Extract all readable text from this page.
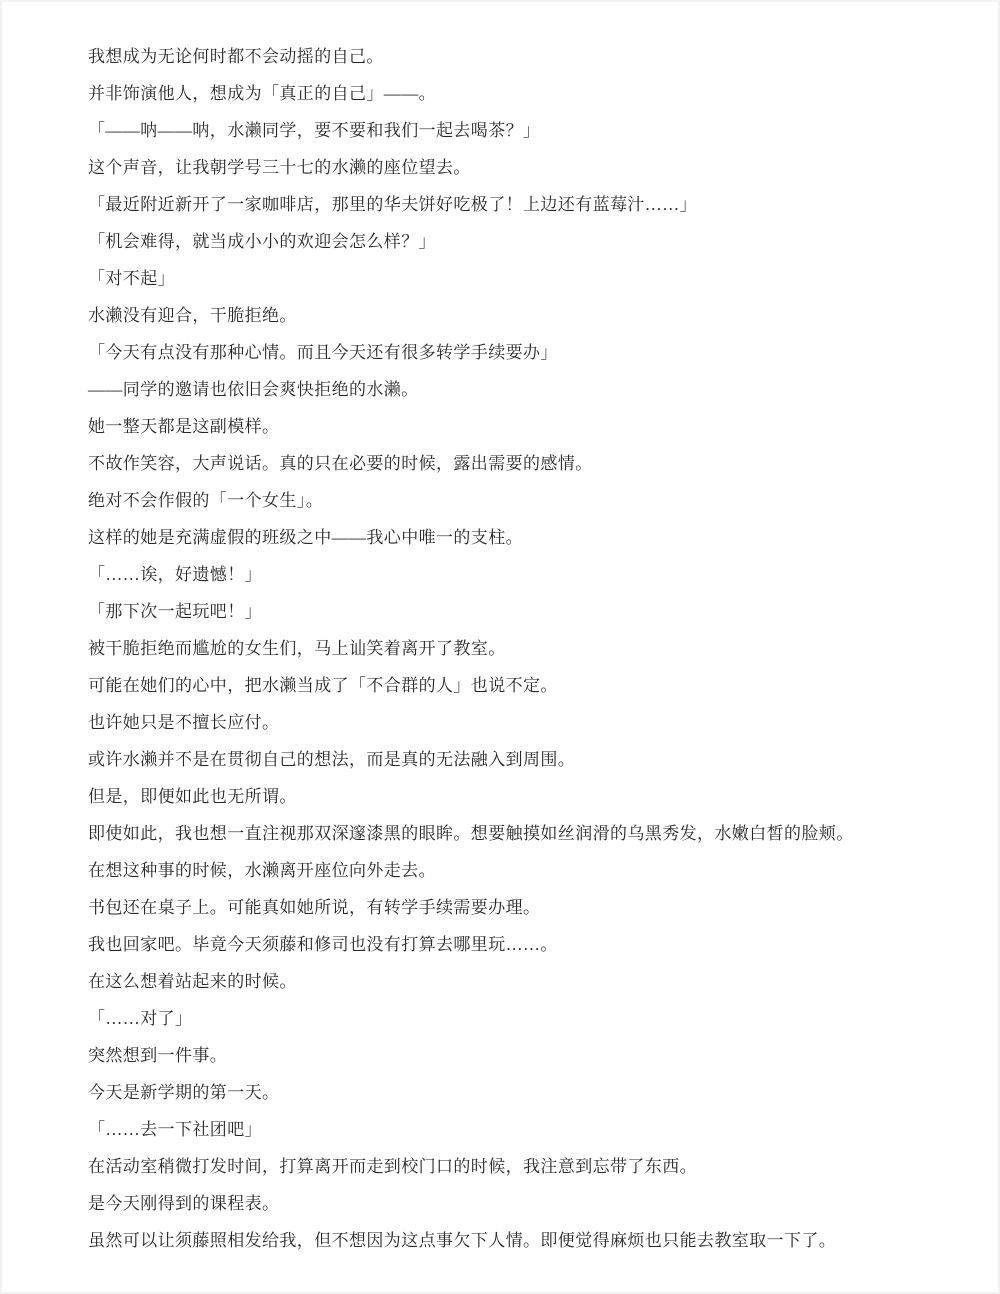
我想成为无论何时都不会动摇的自己。

并非饰演他人，想成为「真正的自己」——。

「——呐——呐，水濑同学，要不要和我们一起去喝茶？」

这个声音，让我朝学号三十七的水濑的座位望去。

「最近附近新开了一家咖啡店，那里的华夫饼好吃极了！上边还有蓝莓汁……」

「机会难得，就当成小小的欢迎会怎么样？」

「对不起」

水濑没有迎合，干脆拒绝。

「今天有点没有那种心情。而且今天还有很多转学手续要办」

——同学的邀请也依旧会爽快拒绝的水濑。

她一整天都是这副模样。

不故作笑容，大声说话。真的只在必要的时候，露出需要的感情。

绝对不会作假的「一个女生」。

这样的她是充满虚假的班级之中——我心中唯一的支柱。

「……诶，好遗憾！」

「那下次一起玩吧！」

被干脆拒绝而尴尬的女生们，马上讪笑着离开了教室。

可能在她们的心中，把水濑当成了「不合群的人」也说不定。

也许她只是不擅长应付。

或许水濑并不是在贯彻自己的想法，而是真的无法融入到周围。

但是，即便如此也无所谓。

即使如此，我也想一直注视那双深邃漆黑的眼眸。想要触摸如丝润滑的乌黑秀发，水嫩白皙的脸颊。

在想这种事的时候，水濑离开座位向外走去。

书包还在桌子上。可能真如她所说，有转学手续需要办理。

我也回家吧。毕竟今天须藤和修司也没有打算去哪里玩……。

在这么想着站起来的时候。

「……对了」

突然想到一件事。

今天是新学期的第一天。

「……去一下社团吧」

在活动室稍微打发时间，打算离开而走到校门口的时候，我注意到忘带了东西。

是今天刚得到的课程表。

虽然可以让须藤照相发给我，但不想因为这点事欠下人情。即便觉得麻烦也只能去教室取一下了。
